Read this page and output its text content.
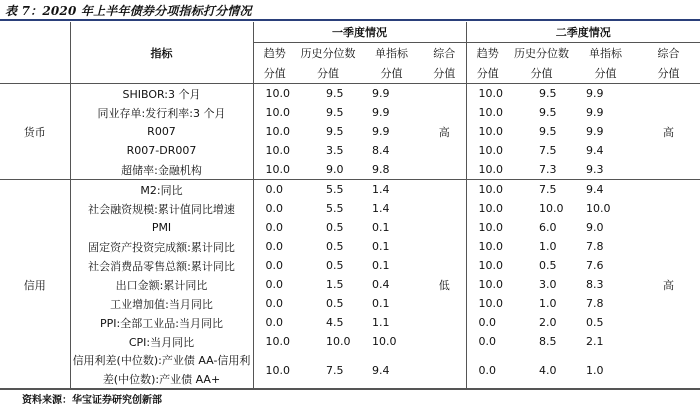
表 7：2020 年上半年债券分项指标打分情况
	指标	一季度情况				二季度情况			
		趋势	历史分位数	单指标	综合	趋势	历史分位数	单指标	综合
		分值	分值	分值	分值	分值	分值	分值	分值
货币	SHIBOR:3 个月	10.0	9.5	9.9	高	10.0	9.5	9.9	高
	同业存单:发行利率:3 个月	10.0	9.5	9.9		10.0	9.5	9.9	
	R007	10.0	9.5	9.9		10.0	9.5	9.9	
	R007-DR007	10.0	3.5	8.4		10.0	7.5	9.4	
	超储率:金融机构	10.0	9.0	9.8		10.0	7.3	9.3	
信用	M2:同比	0.0	5.5	1.4	低	10.0	7.5	9.4	高
	社会融资规模:累计值同比增速	0.0	5.5	1.4		10.0	10.0	10.0	
	PMI	0.0	0.5	0.1		10.0	6.0	9.0	
	固定资产投资完成额:累计同比	0.0	0.5	0.1		10.0	1.0	7.8	
	社会消费品零售总额:累计同比	0.0	0.5	0.1		10.0	0.5	7.6	
	出口金额:累计同比	0.0	1.5	0.4		10.0	3.0	8.3	
	工业增加值:当月同比	0.0	0.5	0.1		10.0	1.0	7.8	
	PPI:全部工业品:当月同比	0.0	4.5	1.1		0.0	2.0	0.5	
	CPI:当月同比	10.0	10.0	10.0		0.0	8.5	2.1	
	信用利差(中位数):产业债 AA-信用利差(中位数):产业债 AA+	10.0	7.5	9.4		0.0	4.0	1.0	
资料来源：华宝证券研究创新部
